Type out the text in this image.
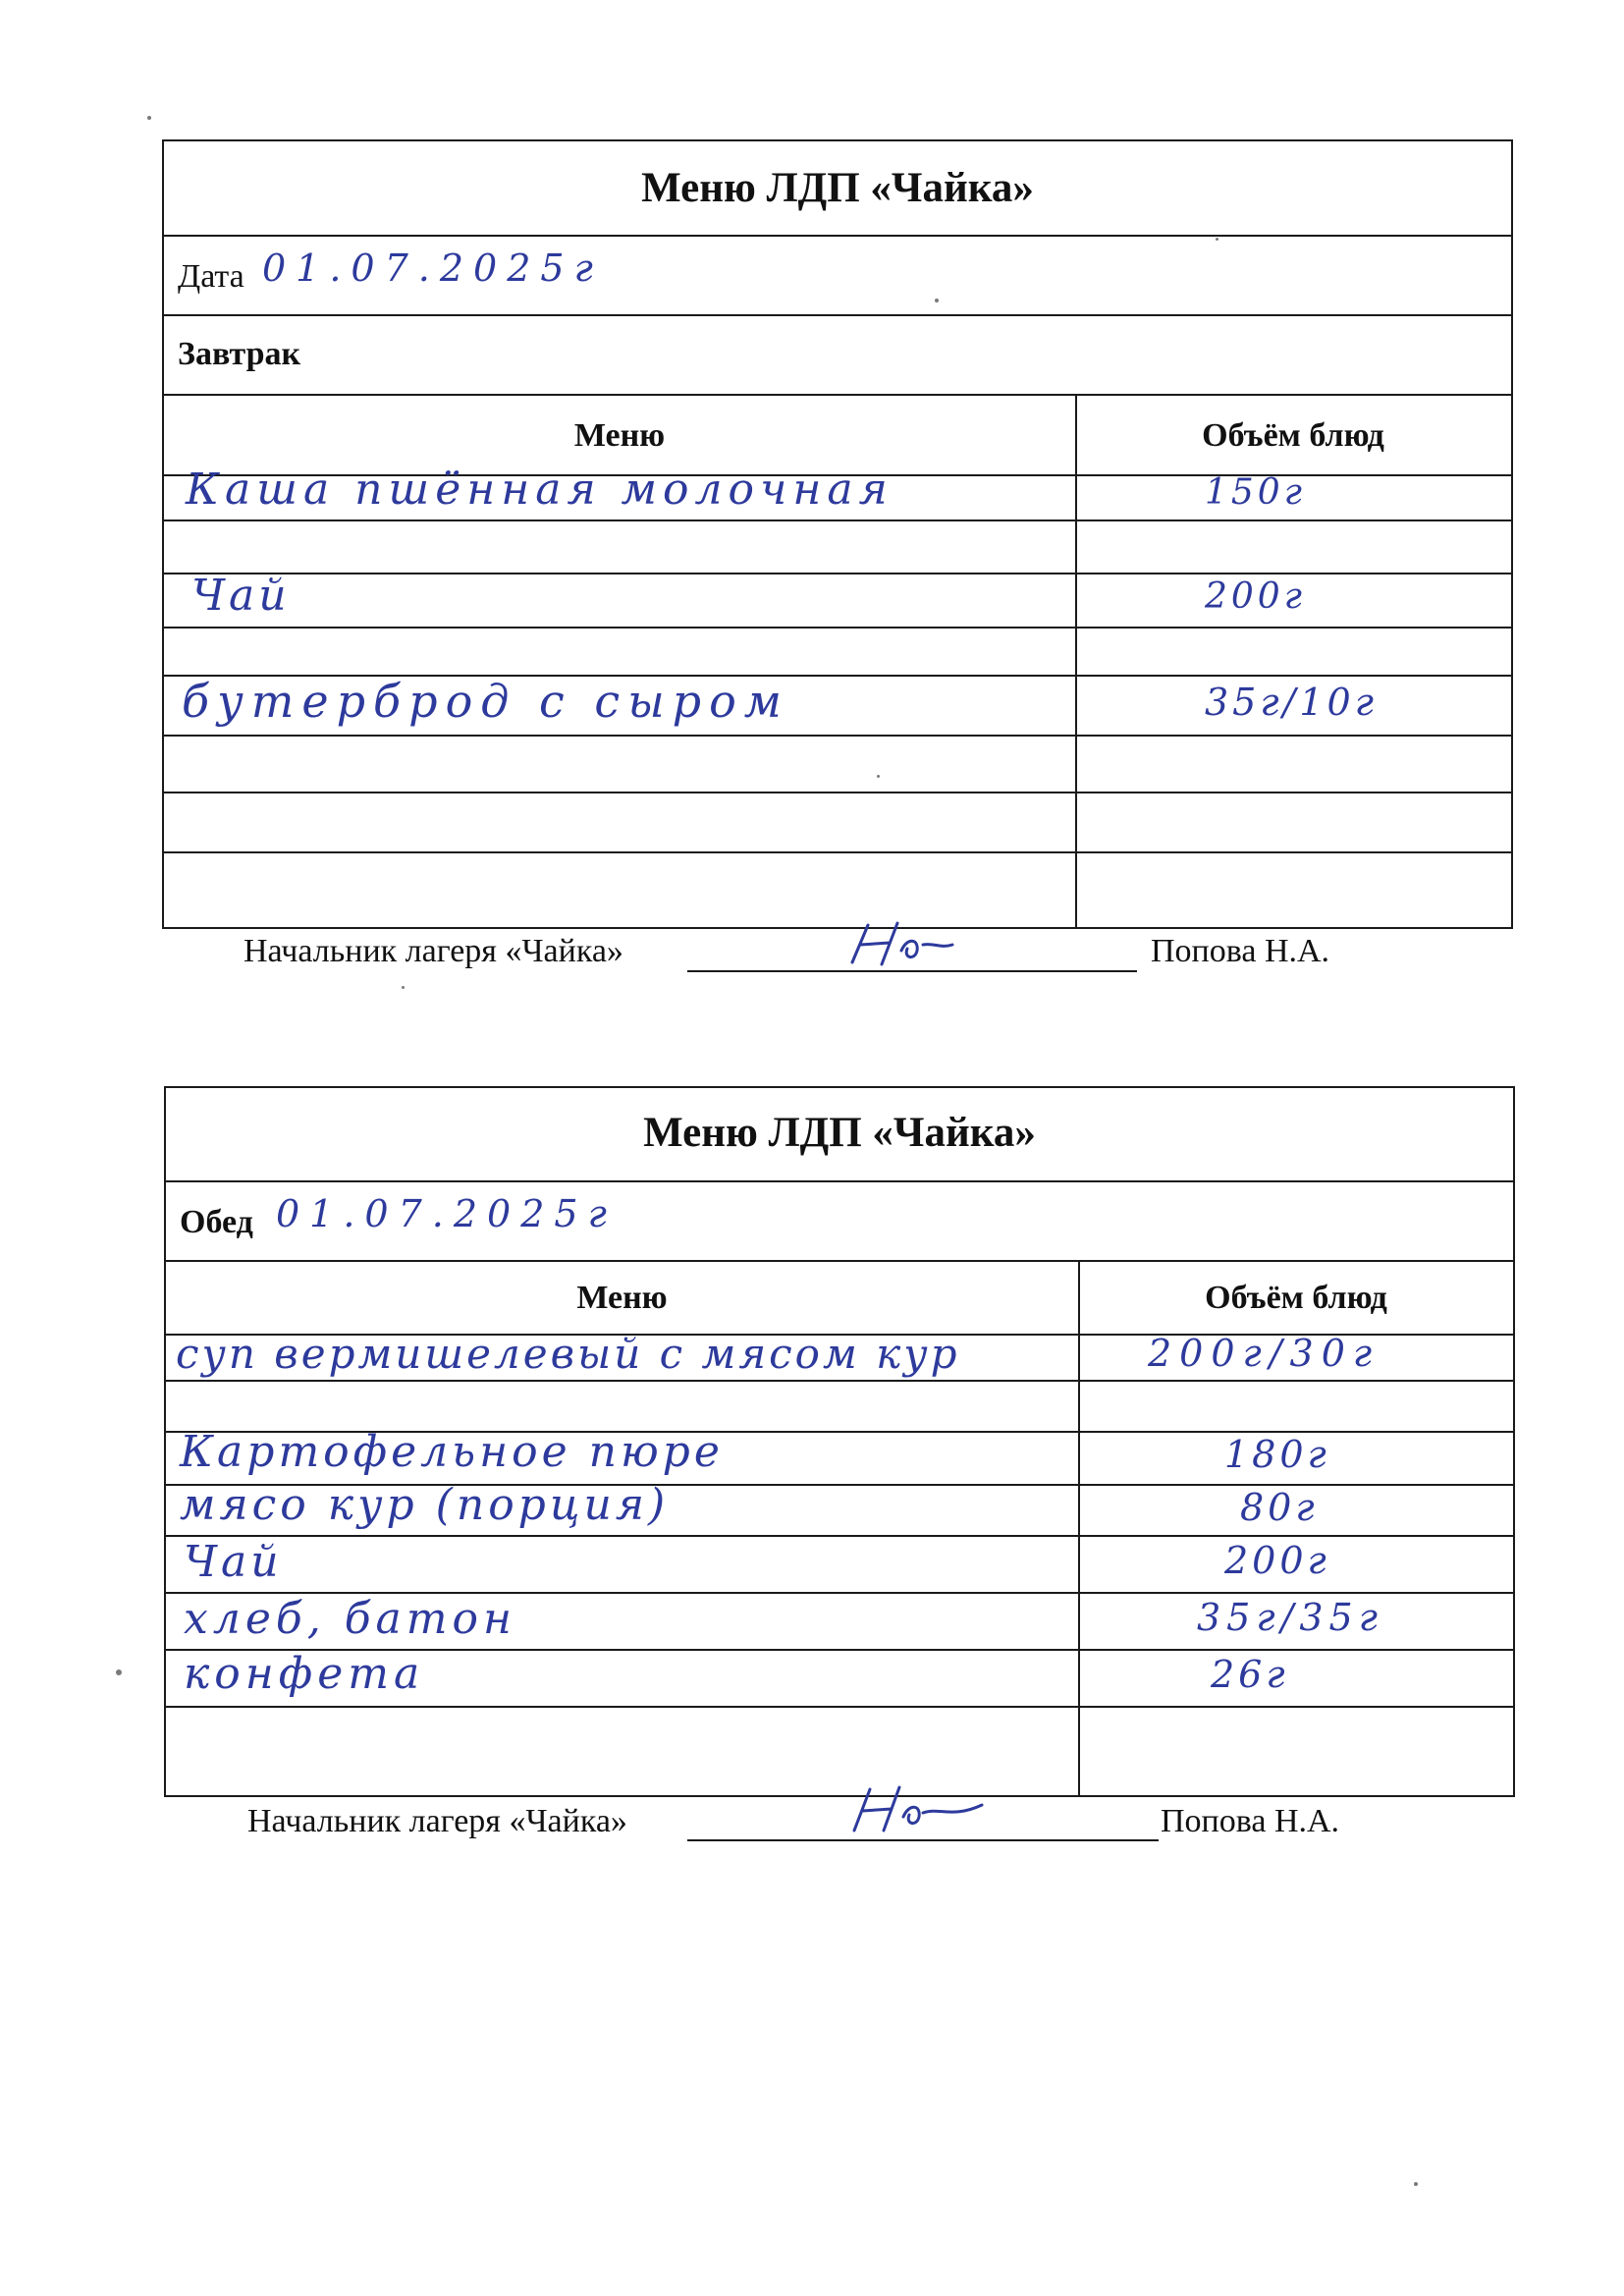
Меню ЛДП «Чайка»
Дата 01.07.2025г
Завтрак
Меню	Объём блюд
Каша пшённая молочная	150г
Чай	200г
бутерброд с сыром	35г/10г
Начальник лагеря «Чайка»	Попова Н.А.
Меню ЛДП «Чайка»
Обед 01.07.2025г
Меню	Объём блюд
суп вермишелевый с мясом кур	200г/30г
Картофельное пюре	180г
мясо кур (порция)	80г
Чай	200г
хлеб, батон	35г/35г
конфета	26г
Начальник лагеря «Чайка»	Попова Н.А.
